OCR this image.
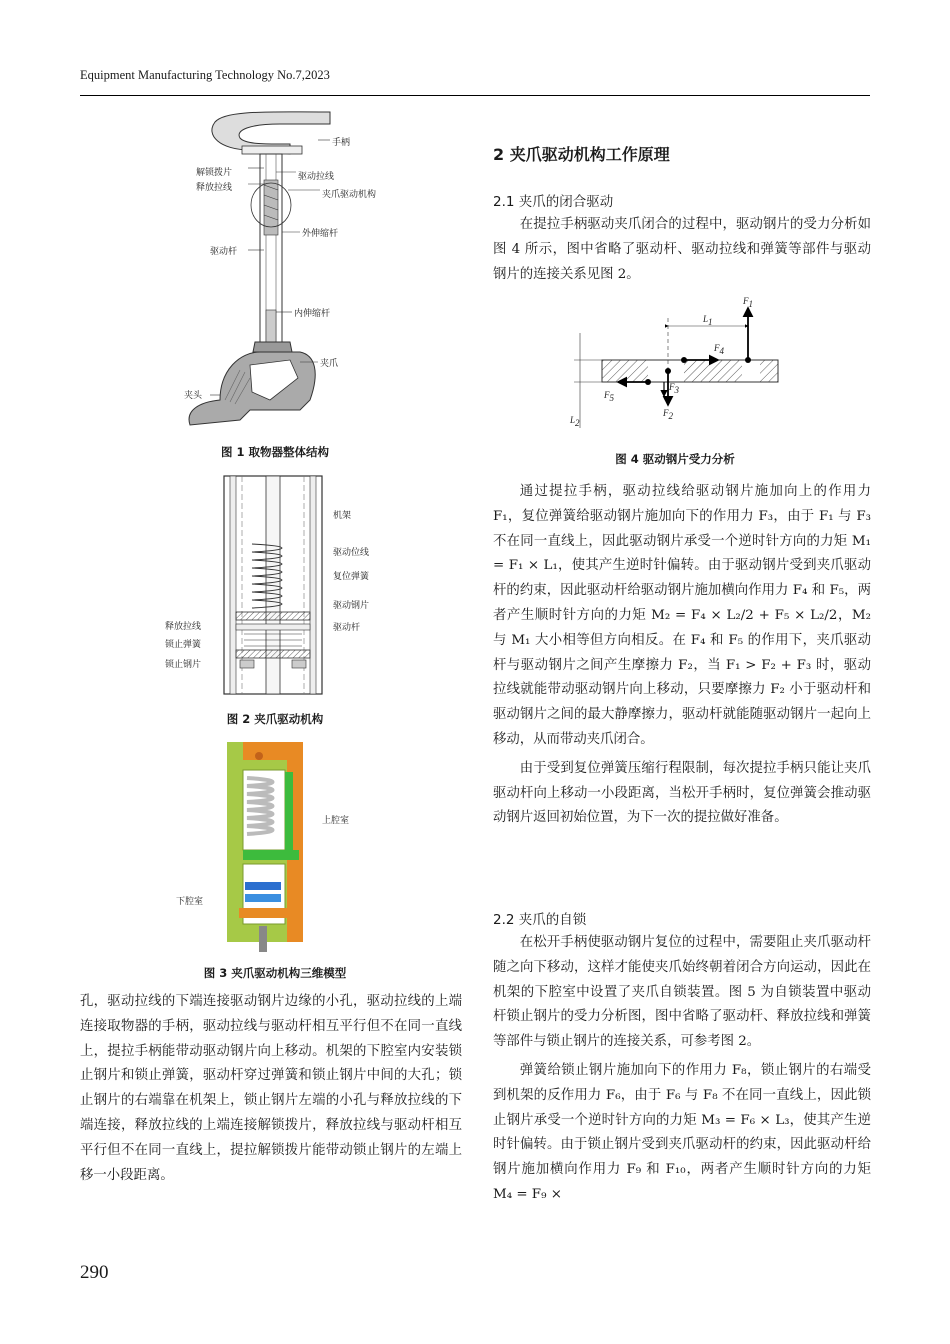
Equipment Manufacturing Technology No.7,2023
手柄
解锁拨片
释放拉线
驱动拉线
夹爪驱动机构
外伸缩杆
驱动杆
内伸缩杆
夹爪
夹头
图 1 取物器整体结构
机架
驱动位线
复位弹簧
驱动钢片
释放拉线	驱动杆
锁止弹簧
锁止钢片
图 2 夹爪驱动机构
上腔室
下腔室
图 3 夹爪驱动机构三维模型

孔，驱动拉线的下端连接驱动钢片边缘的小孔，驱动拉线的上端连接取物器的手柄，驱动拉线与驱动杆相互平行但不在同一直线上，提拉手柄能带动驱动钢片向上移动。机架的下腔室内安装锁止钢片和锁止弹簧，驱动杆穿过弹簧和锁止钢片中间的大孔；锁止钢片的右端靠在机架上，锁止钢片左端的小孔与释放拉线的下端连接，释放拉线的上端连接解锁拨片，释放拉线与驱动杆相互平行但不在同一直线上，提拉解锁拨片能带动锁止钢片的左端上移一小段距离。

2 夹爪驱动机构工作原理
2.1 夹爪的闭合驱动

在提拉手柄驱动夹爪闭合的过程中，驱动钢片的受力分析如图 4 所示，图中省略了驱动杆、驱动拉线和弹簧等部件与驱动钢片的连接关系见图 2。

$F_1$
$L_1$
$F_4$
$F_3$
$F_5$
$F_2$
$L_2$
图 4 驱动钢片受力分析

通过提拉手柄，驱动拉线给驱动钢片施加向上的作用力 F₁，复位弹簧给驱动钢片施加向下的作用力 F₃，由于 F₁ 与 F₃ 不在同一直线上，因此驱动钢片承受一个逆时针方向的力矩 M₁ = F₁ × L₁，使其产生逆时针偏转。由于驱动钢片受到夹爪驱动杆的约束，因此驱动杆给驱动钢片施加横向作用力 F₄ 和 F₅，两者产生顺时针方向的力矩 M₂ = F₄ × L₂/2 + F₅ × L₂/2，M₂ 与 M₁ 大小相等但方向相反。在 F₄ 和 F₅ 的作用下，夹爪驱动杆与驱动钢片之间产生摩擦力 F₂，当 F₁ > F₂ + F₃ 时，驱动拉线就能带动驱动钢片向上移动，只要摩擦力 F₂ 小于驱动杆和驱动钢片之间的最大静摩擦力，驱动杆就能随驱动钢片一起向上移动，从而带动夹爪闭合。

由于受到复位弹簧压缩行程限制，每次提拉手柄只能让夹爪驱动杆向上移动一小段距离，当松开手柄时，复位弹簧会推动驱动钢片返回初始位置，为下一次的提拉做好准备。

2.2 夹爪的自锁

在松开手柄使驱动钢片复位的过程中，需要阻止夹爪驱动杆随之向下移动，这样才能使夹爪始终朝着闭合方向运动，因此在机架的下腔室中设置了夹爪自锁装置。图 5 为自锁装置中驱动杆锁止钢片的受力分析图，图中省略了驱动杆、释放拉线和弹簧等部件与锁止钢片的连接关系，可参考图 2。

弹簧给锁止钢片施加向下的作用力 F₈，锁止钢片的右端受到机架的反作用力 F₆，由于 F₆ 与 F₈ 不在同一直线上，因此锁止钢片承受一个逆时针方向的力矩 M₃ = F₆ × L₃，使其产生逆时针偏转。由于锁止钢片受到夹爪驱动杆的约束，因此驱动杆给钢片施加横向作用力 F₉ 和 F₁₀，两者产生顺时针方向的力矩 M₄ = F₉ ×

290
